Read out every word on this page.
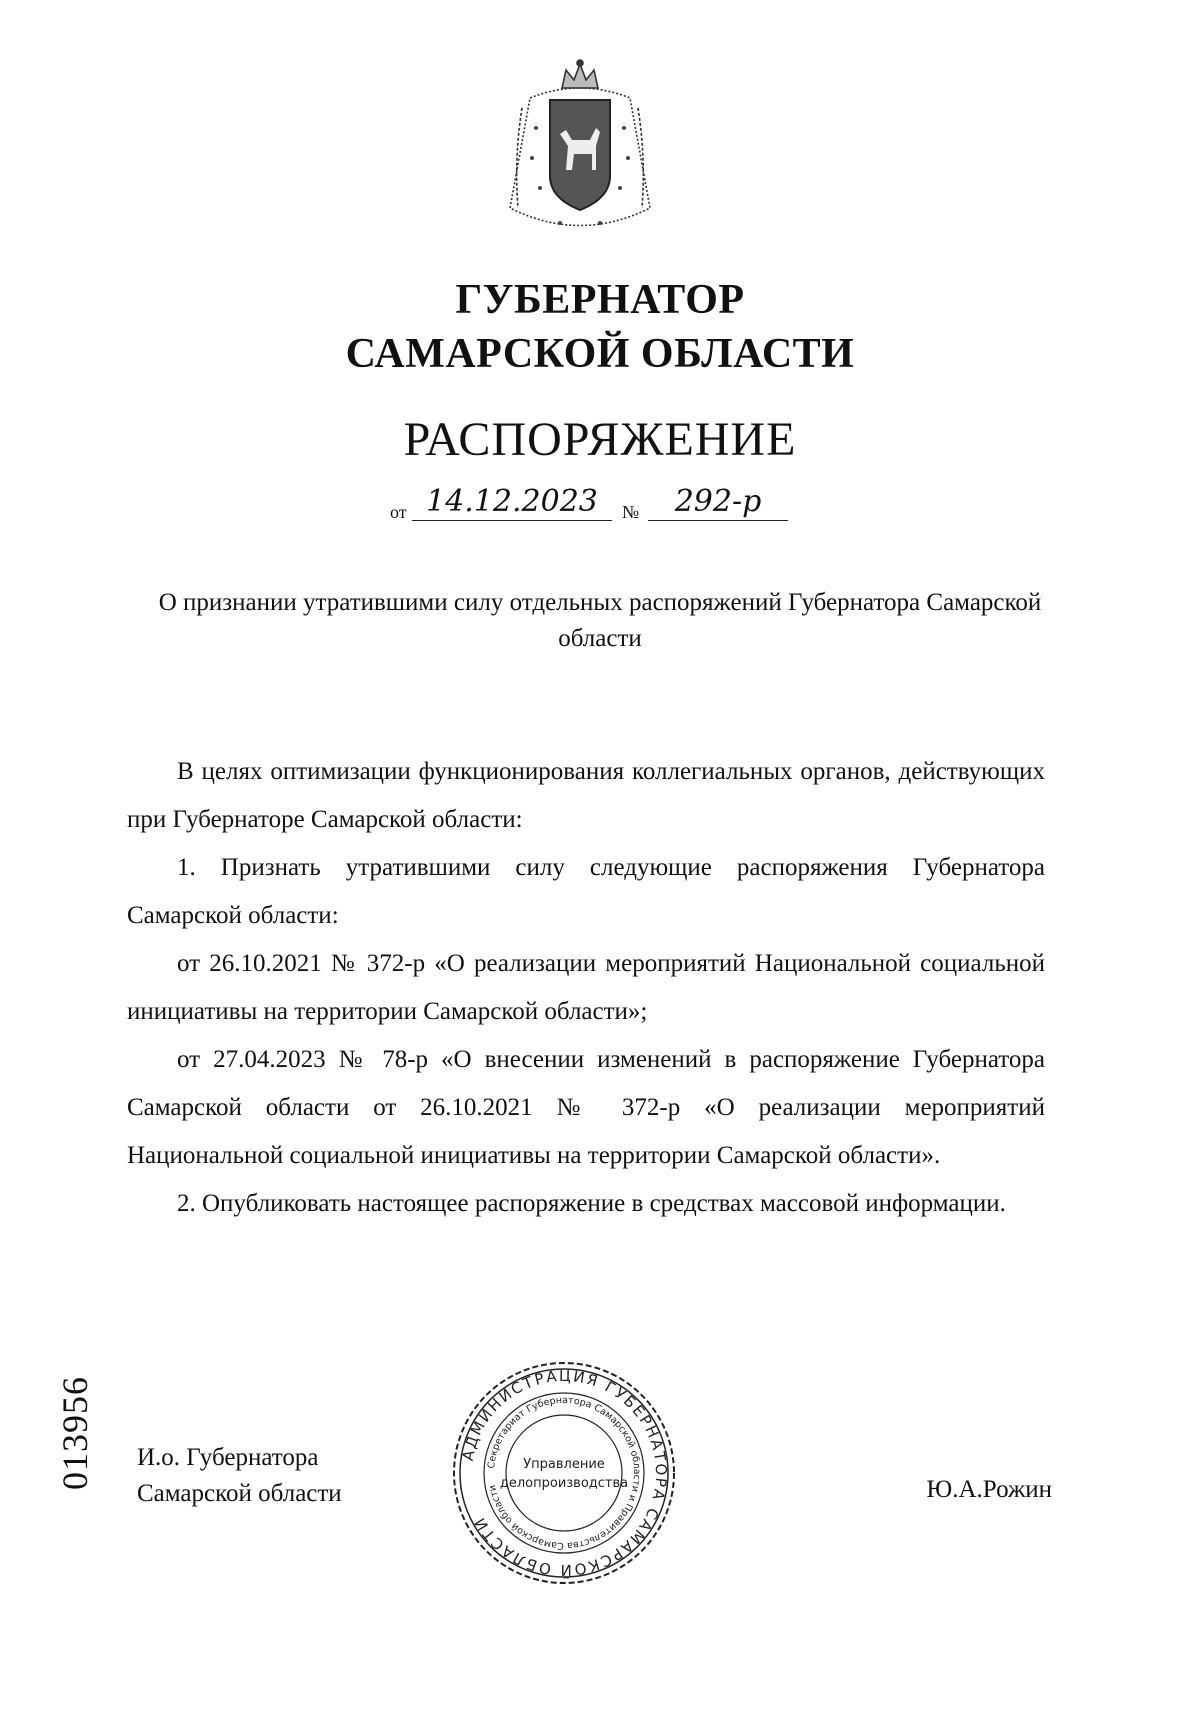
ГУБЕРНАТОР
САМАРСКОЙ ОБЛАСТИ
РАСПОРЯЖЕНИЕ
от 14.12.2023	№	292-р
О признании утратившими силу отдельных распоряжений Губернатора Самарской области

В целях оптимизации функционирования коллегиальных органов, действующих при Губернаторе Самарской области:

1. Признать утратившими силу следующие распоряжения Губернатора Самарской области:

от 26.10.2021 № 372-р «О реализации мероприятий Национальной социальной инициативы на территории Самарской области»;

от 27.04.2023 № 78-р «О внесении изменений в распоряжение Губернатора Самарской области от 26.10.2021 № 372-р «О реализации мероприятий Национальной социальной инициативы на территории Самарской области».

2. Опубликовать настоящее распоряжение в средствах массовой информации.

И.о. Губернатора
Самарской области
АДМИНИСТРАЦИЯ ГУБЕРНАТОРА САМАРСКОЙ ОБЛАСТИ
Секретариат Губернатора Самарской области и Правительства Самарской области
Управление
делопроизводства	Ю.А.Рожин
013956
